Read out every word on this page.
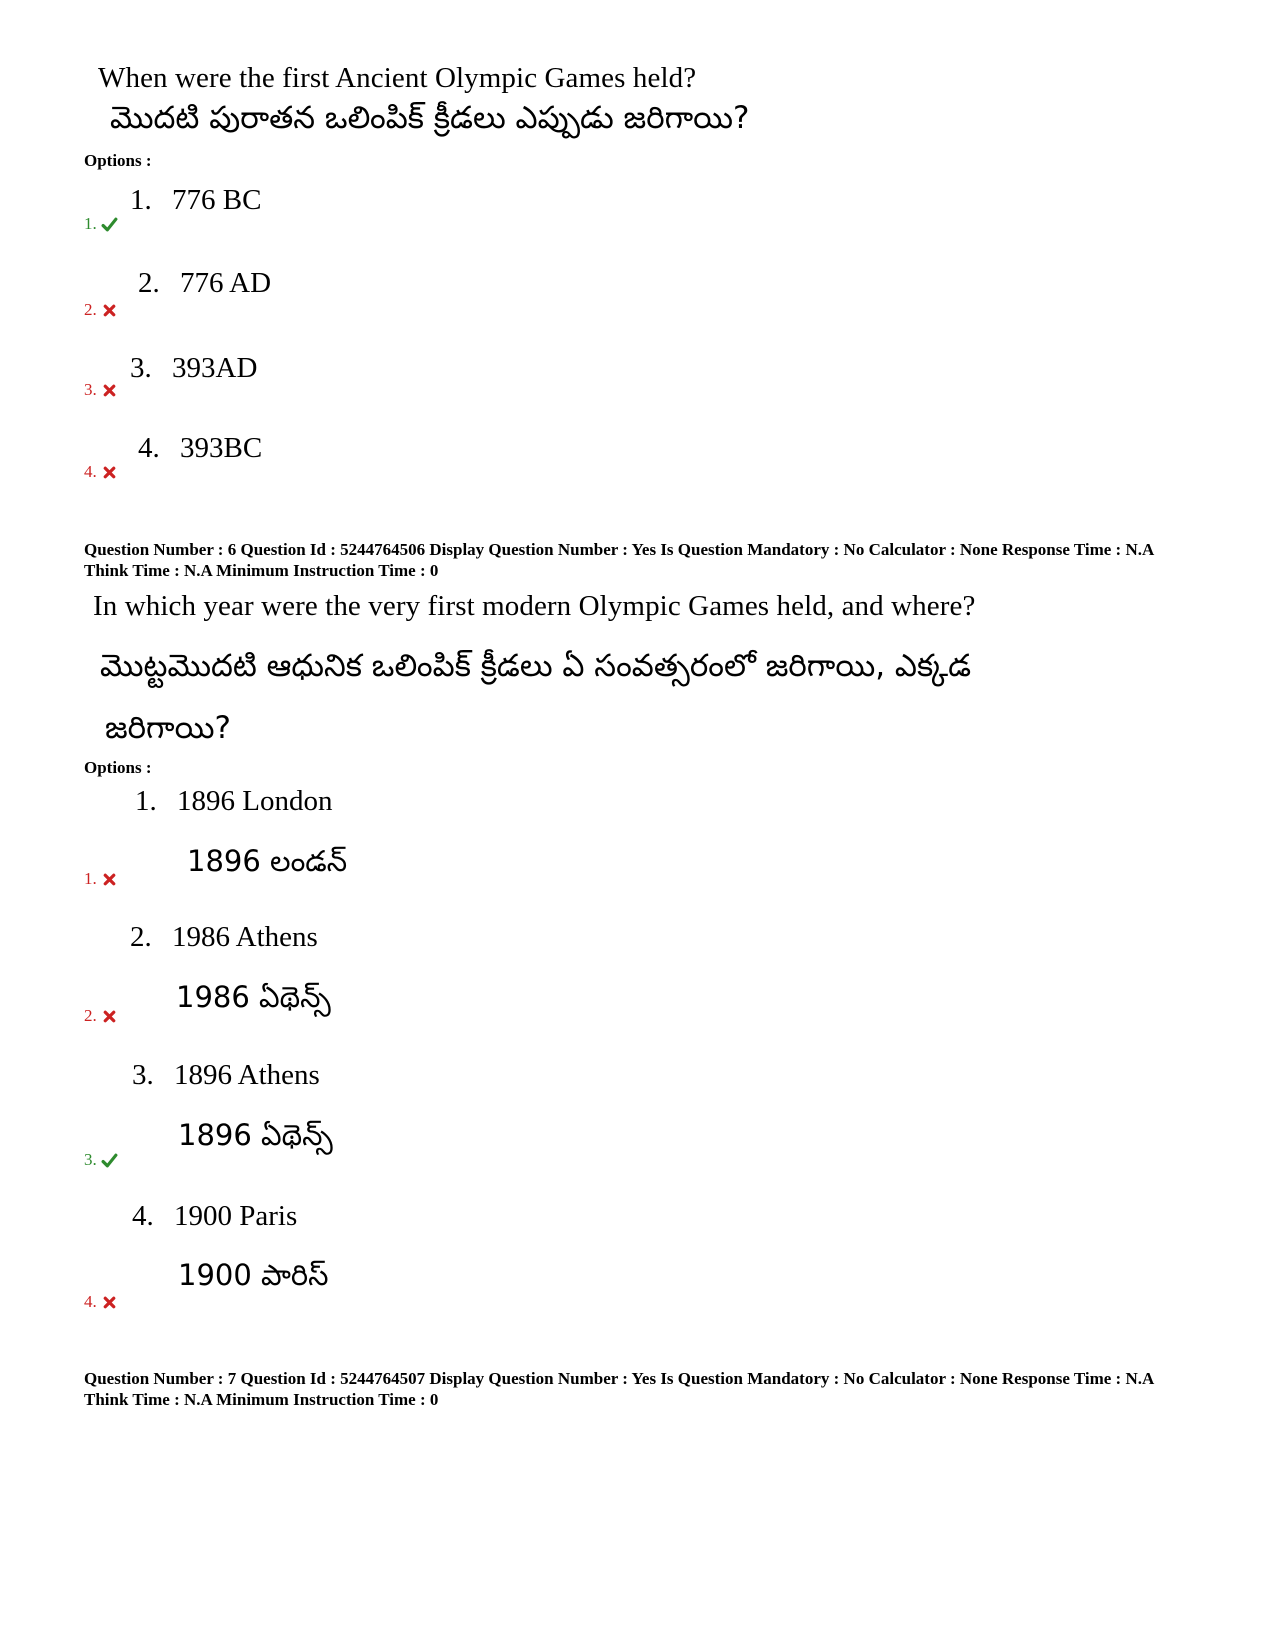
When were the first Ancient Olympic Games held?
మొదటి పురాతన ఒలింపిక్ క్రీడలు ఎప్పుడు జరిగాయి?
Options :
1. 776 BC
1.
2. 776 AD
2.
3. 393AD
3.
4. 393BC
4.
Question Number : 6 Question Id : 5244764506 Display Question Number : Yes Is Question Mandatory : No Calculator : None Response Time : N.A Think Time : N.A Minimum Instruction Time : 0
In which year were the very first modern Olympic Games held, and where?
మొట్టమొదటి ఆధునిక ఒలింపిక్ క్రీడలు ఏ సంవత్సరంలో జరిగాయి, ఎక్కడ
జరిగాయి?
Options :
1. 1896 London
1896 లండన్
1.
2. 1986 Athens
1986 ఏథెన్స్
2.
3. 1896 Athens
1896 ఏథెన్స్
3.
4. 1900 Paris
1900 పారిస్
4.
Question Number : 7 Question Id : 5244764507 Display Question Number : Yes Is Question Mandatory : No Calculator : None Response Time : N.A Think Time : N.A Minimum Instruction Time : 0
